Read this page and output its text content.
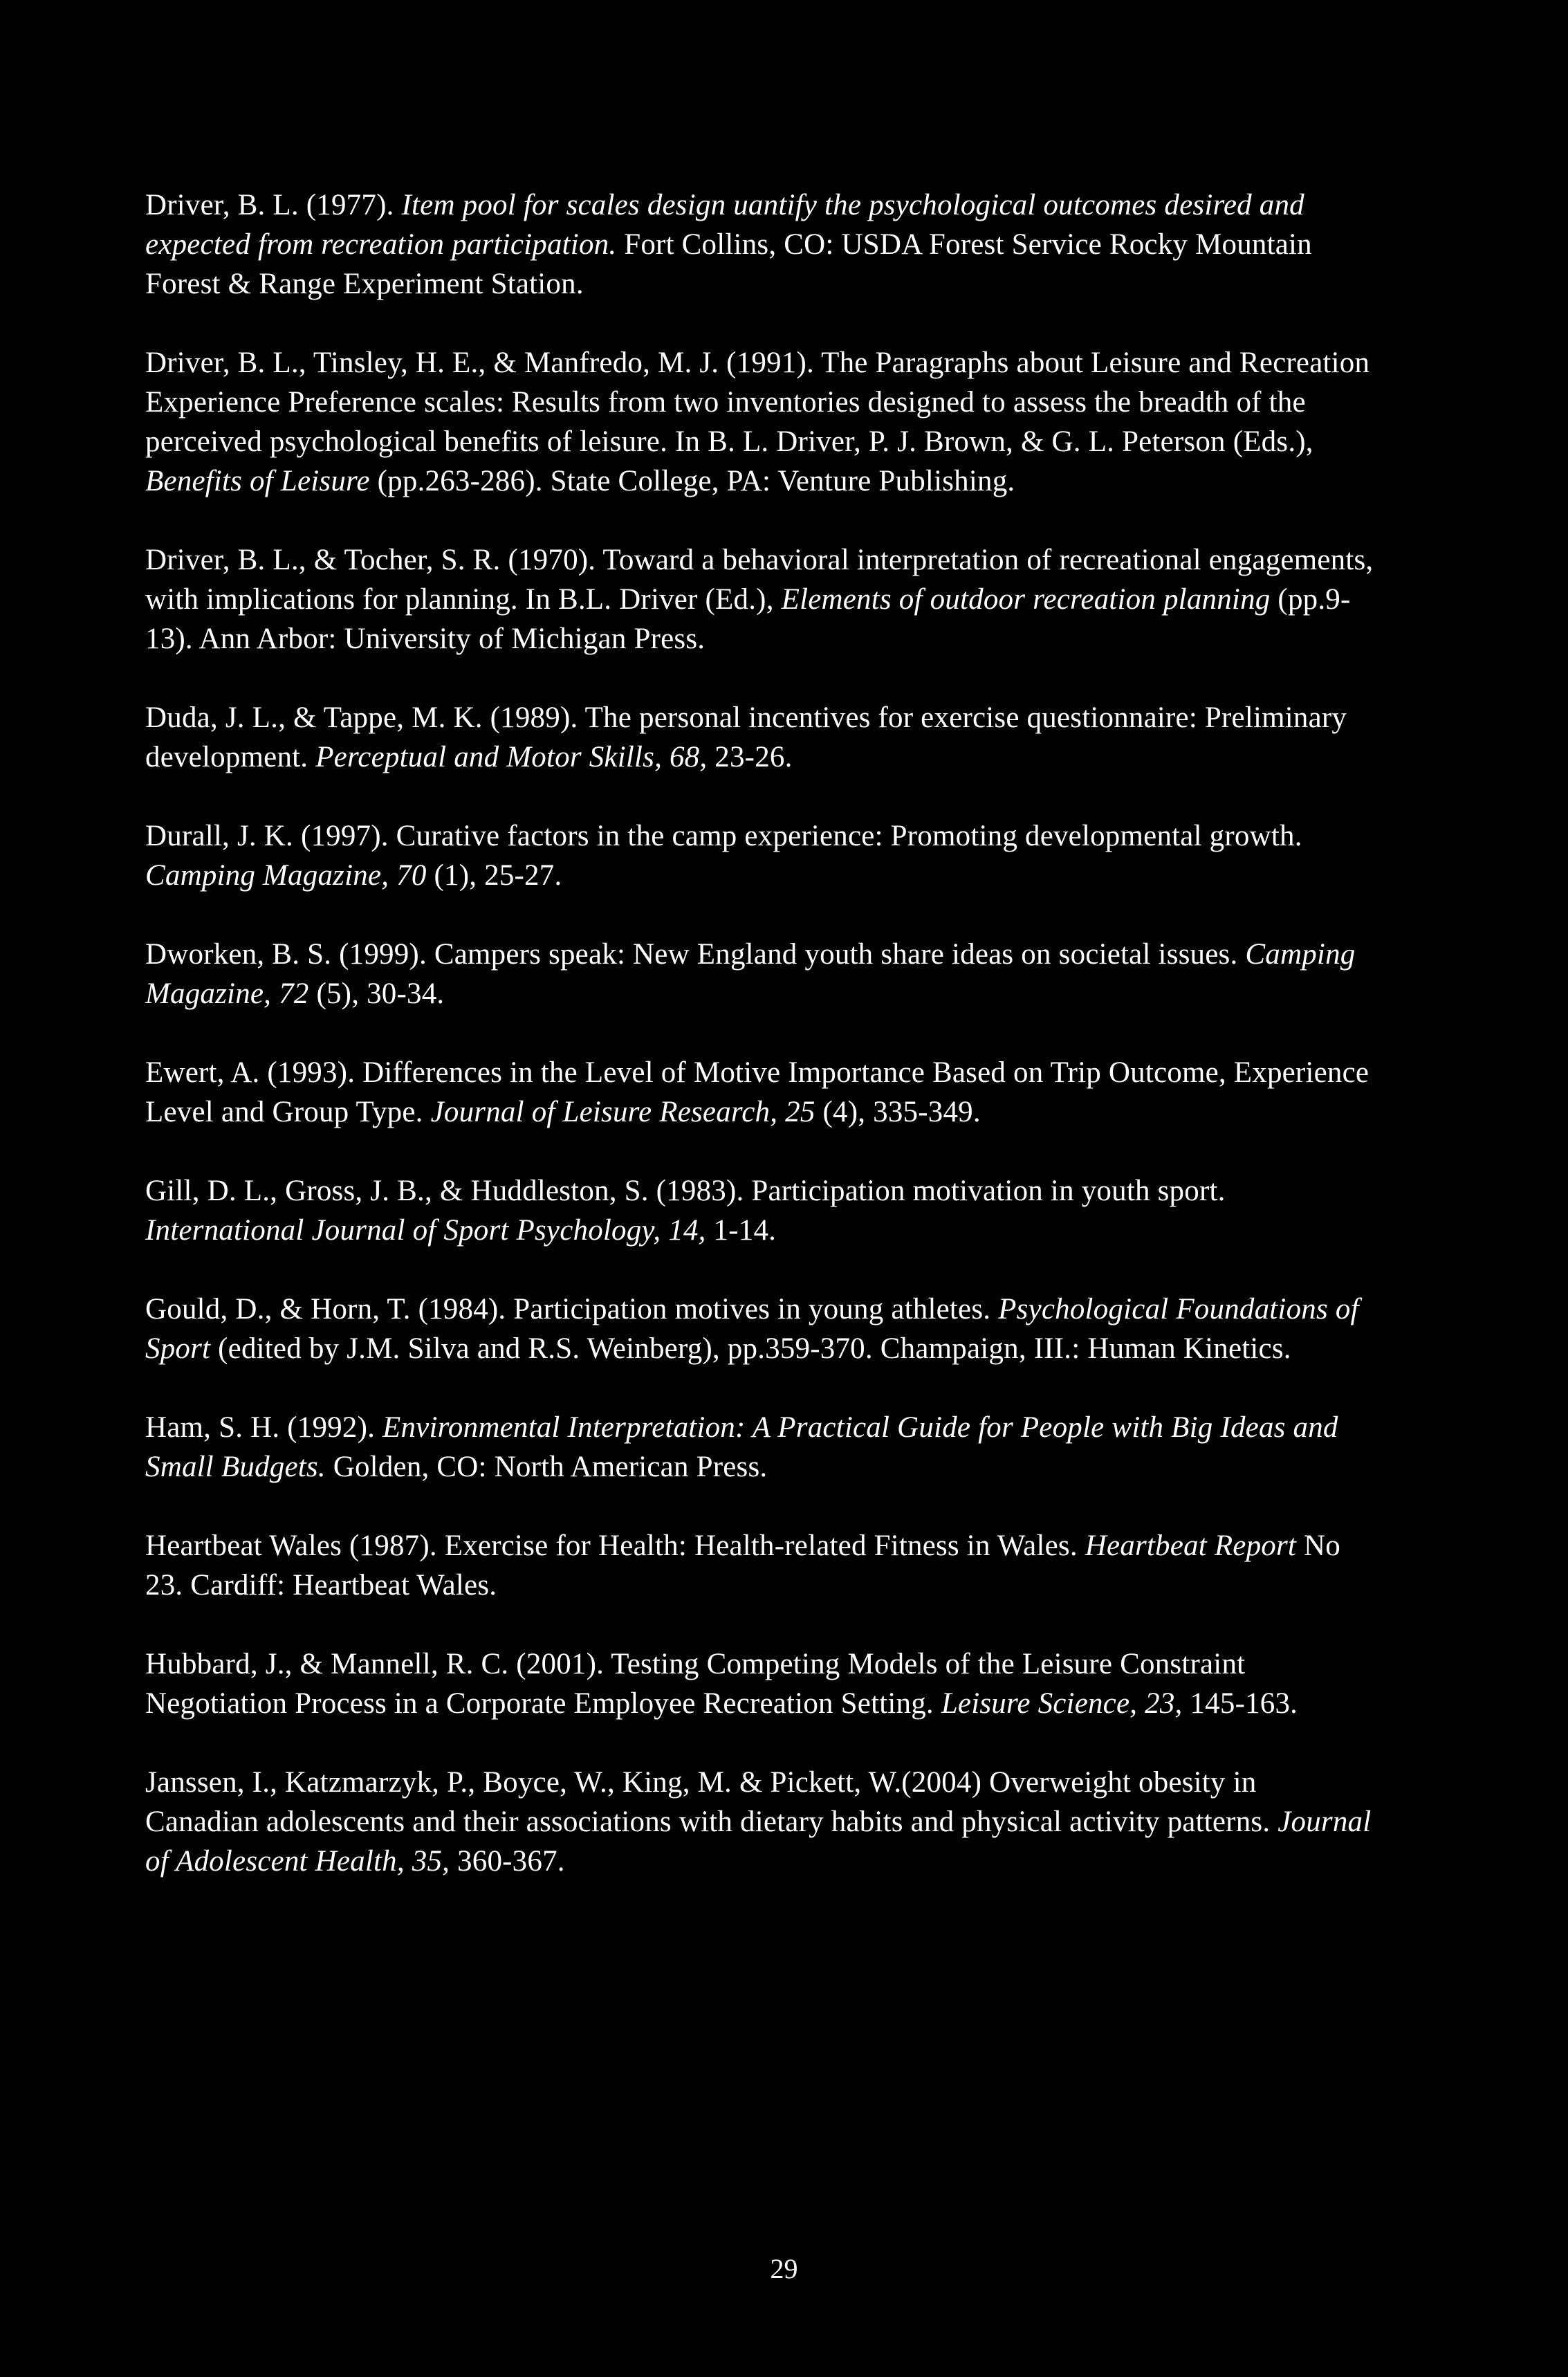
Driver, B. L. (1977). Item pool for scales design uantify the psychological outcomes desired and expected from recreation participation. Fort Collins, CO: USDA Forest Service Rocky Mountain Forest & Range Experiment Station.
Driver, B. L., Tinsley, H. E., & Manfredo, M. J. (1991). The Paragraphs about Leisure and Recreation Experience Preference scales: Results from two inventories designed to assess the breadth of the perceived psychological benefits of leisure. In B. L. Driver, P. J. Brown, & G. L. Peterson (Eds.), Benefits of Leisure (pp.263-286). State College, PA: Venture Publishing.
Driver, B. L., & Tocher, S. R. (1970). Toward a behavioral interpretation of recreational engagements, with implications for planning. In B.L. Driver (Ed.), Elements of outdoor recreation planning (pp.9-13). Ann Arbor: University of Michigan Press.
Duda, J. L., & Tappe, M. K. (1989). The personal incentives for exercise questionnaire: Preliminary development. Perceptual and Motor Skills, 68, 23-26.
Durall, J. K. (1997). Curative factors in the camp experience: Promoting developmental growth. Camping Magazine, 70 (1), 25-27.
Dworken, B. S. (1999). Campers speak: New England youth share ideas on societal issues. Camping Magazine, 72 (5), 30-34.
Ewert, A. (1993). Differences in the Level of Motive Importance Based on Trip Outcome, Experience Level and Group Type. Journal of Leisure Research, 25 (4), 335-349.
Gill, D. L., Gross, J. B., & Huddleston, S. (1983). Participation motivation in youth sport. International Journal of Sport Psychology, 14, 1-14.
Gould, D., & Horn, T. (1984). Participation motives in young athletes. Psychological Foundations of Sport (edited by J.M. Silva and R.S. Weinberg), pp.359-370. Champaign, III.: Human Kinetics.
Ham, S. H. (1992). Environmental Interpretation: A Practical Guide for People with Big Ideas and Small Budgets. Golden, CO: North American Press.
Heartbeat Wales (1987). Exercise for Health: Health-related Fitness in Wales. Heartbeat Report No 23. Cardiff: Heartbeat Wales.
Hubbard, J., & Mannell, R. C. (2001). Testing Competing Models of the Leisure Constraint Negotiation Process in a Corporate Employee Recreation Setting. Leisure Science, 23, 145-163.
Janssen, I., Katzmarzyk, P., Boyce, W., King, M. & Pickett, W.(2004) Overweight obesity in Canadian adolescents and their associations with dietary habits and physical activity patterns. Journal of Adolescent Health, 35, 360-367.
29
